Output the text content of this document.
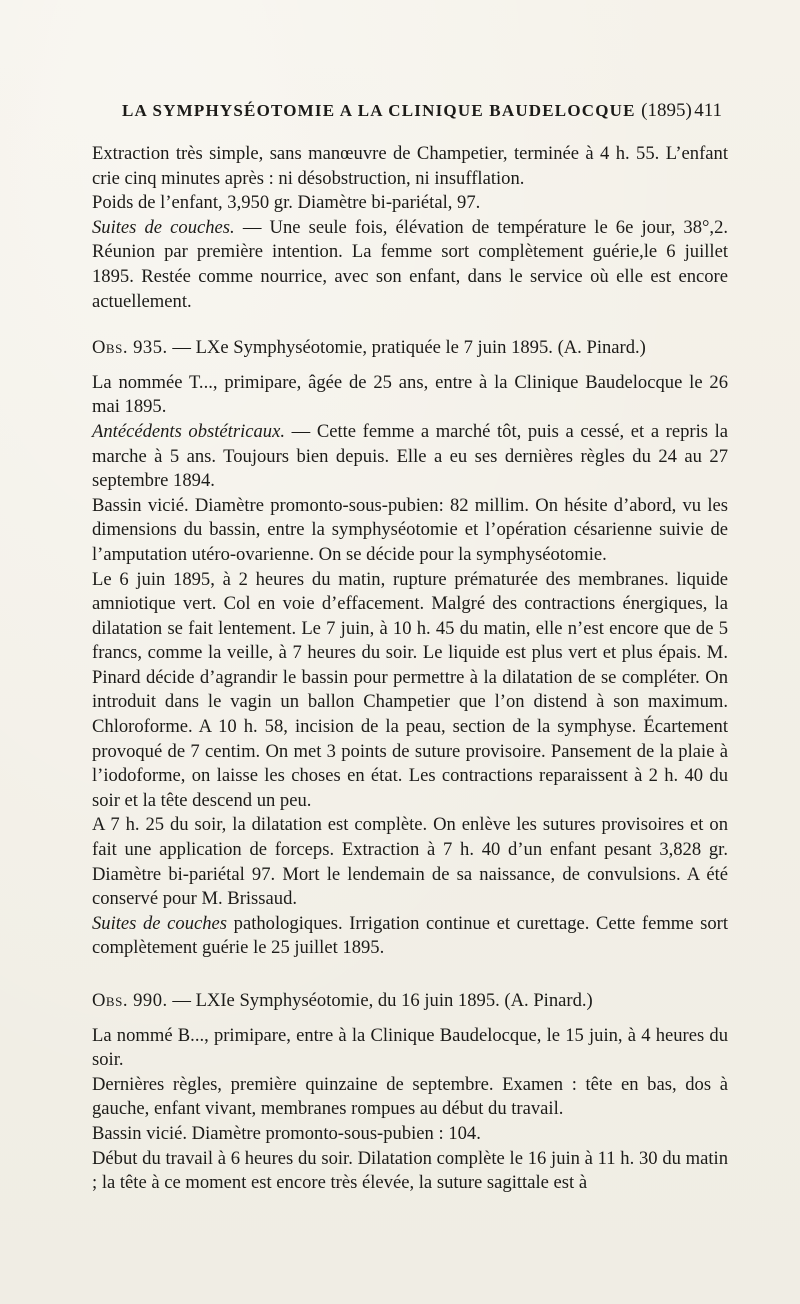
LA SYMPHYSÉOTOMIE A LA CLINIQUE BAUDELOCQUE (1895) 411

Extraction très simple, sans manœuvre de Champetier, terminée à 4 h. 55. L’enfant crie cinq minutes après : ni désobstruction, ni insufflation.

Poids de l’enfant, 3,950 gr. Diamètre bi-pariétal, 97.

Suites de couches. — Une seule fois, élévation de température le 6e jour, 38°,2. Réunion par première intention. La femme sort complètement guérie,le 6 juillet 1895. Restée comme nourrice, avec son enfant, dans le service où elle est encore actuellement.

Obs. 935. — LXe Symphyséotomie, pratiquée le 7 juin 1895. (A. Pinard.)

La nommée T..., primipare, âgée de 25 ans, entre à la Clinique Baudelocque le 26 mai 1895.

Antécédents obstétricaux. — Cette femme a marché tôt, puis a cessé, et a repris la marche à 5 ans. Toujours bien depuis. Elle a eu ses dernières règles du 24 au 27 septembre 1894.

Bassin vicié. Diamètre promonto-sous-pubien: 82 millim. On hésite d’abord, vu les dimensions du bassin, entre la symphyséotomie et l’opération césarienne suivie de l’amputation utéro-ovarienne. On se décide pour la symphyséotomie.

Le 6 juin 1895, à 2 heures du matin, rupture prématurée des membranes. liquide amniotique vert. Col en voie d’effacement. Malgré des contractions énergiques, la dilatation se fait lentement. Le 7 juin, à 10 h. 45 du matin, elle n’est encore que de 5 francs, comme la veille, à 7 heures du soir. Le liquide est plus vert et plus épais. M. Pinard décide d’agrandir le bassin pour permettre à la dilatation de se compléter. On introduit dans le vagin un ballon Champetier que l’on distend à son maximum. Chloroforme. A 10 h. 58, incision de la peau, section de la symphyse. Écartement provoqué de 7 centim. On met 3 points de suture provisoire. Pansement de la plaie à l’iodoforme, on laisse les choses en état. Les contractions reparaissent à 2 h. 40 du soir et la tête descend un peu.

A 7 h. 25 du soir, la dilatation est complète. On enlève les sutures provisoires et on fait une application de forceps. Extraction à 7 h. 40 d’un enfant pesant 3,828 gr. Diamètre bi-pariétal 97. Mort le lendemain de sa naissance, de convulsions. A été conservé pour M. Brissaud.

Suites de couches pathologiques. Irrigation continue et curettage. Cette femme sort complètement guérie le 25 juillet 1895.

Obs. 990. — LXIe Symphyséotomie, du 16 juin 1895. (A. Pinard.)

La nommé B..., primipare, entre à la Clinique Baudelocque, le 15 juin, à 4 heures du soir.

Dernières règles, première quinzaine de septembre. Examen : tête en bas, dos à gauche, enfant vivant, membranes rompues au début du travail.

Bassin vicié. Diamètre promonto-sous-pubien : 104.

Début du travail à 6 heures du soir. Dilatation complète le 16 juin à 11 h. 30 du matin ; la tête à ce moment est encore très élevée, la suture sagittale est à
